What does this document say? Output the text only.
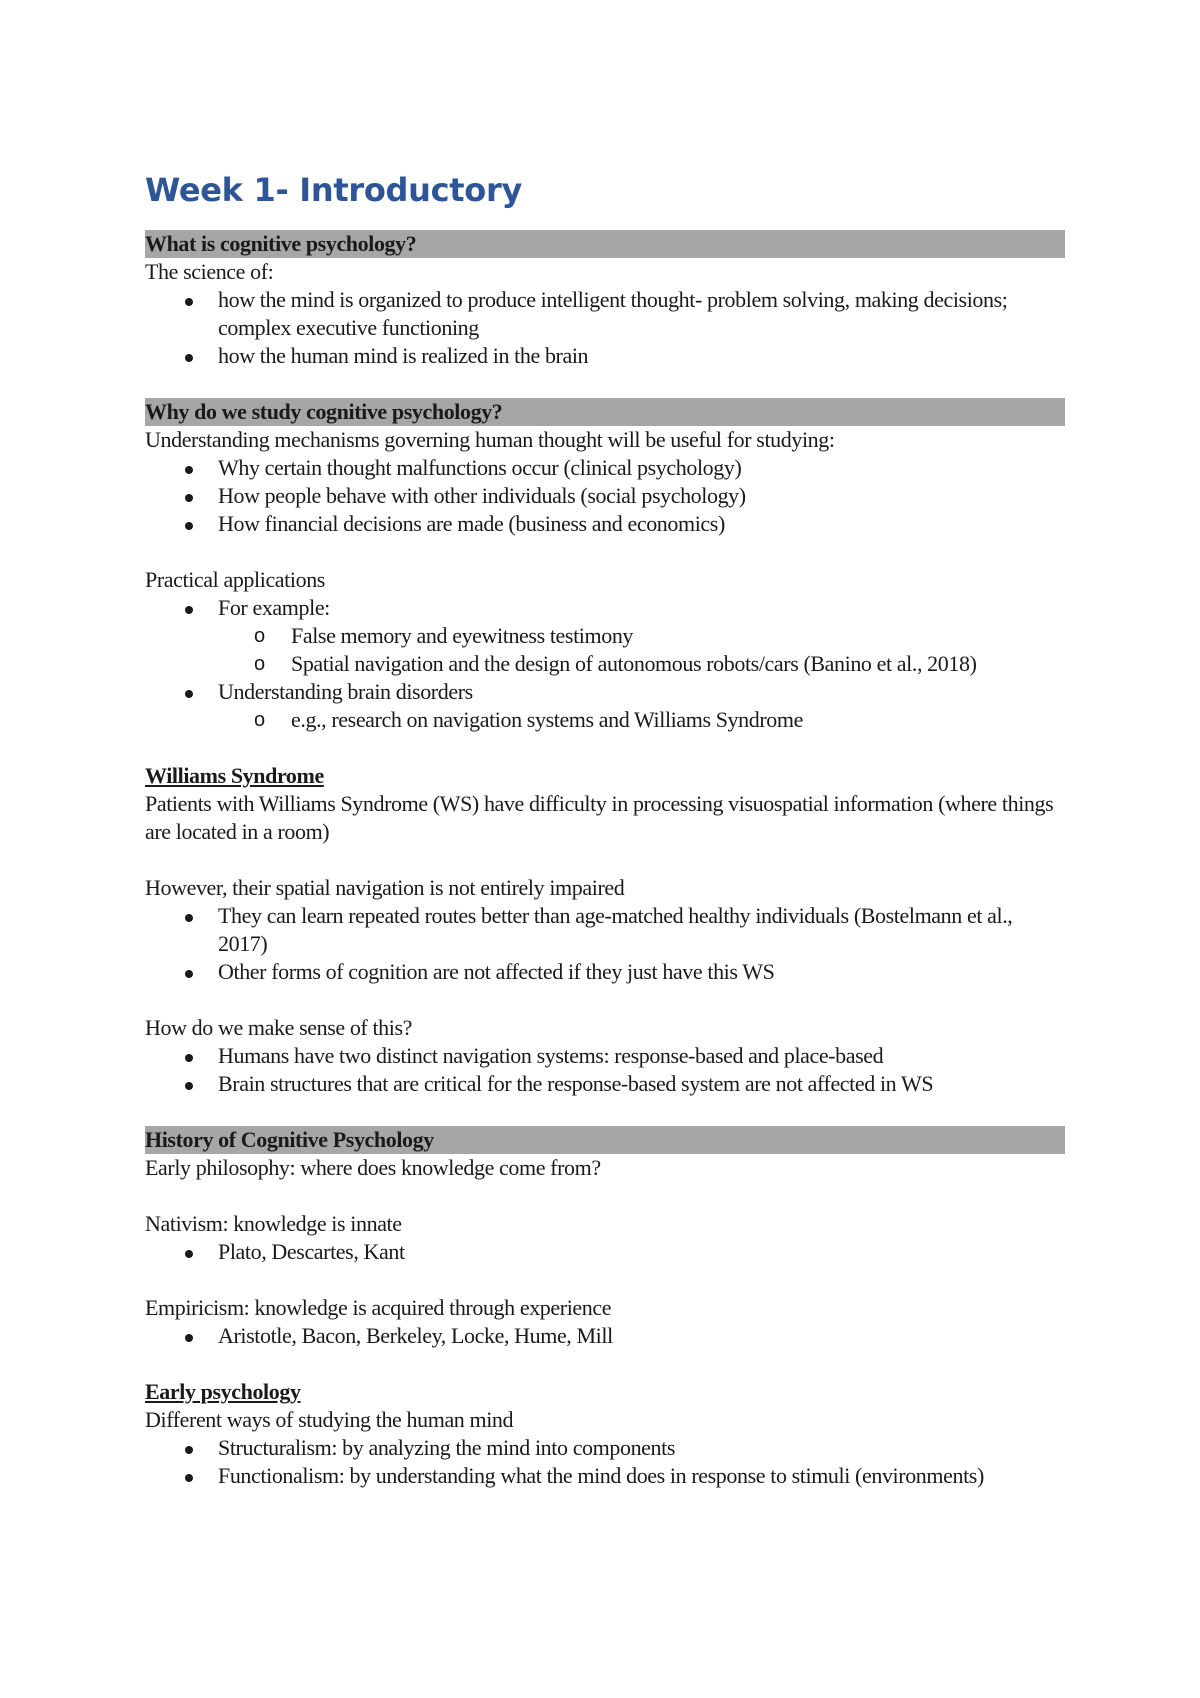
Week 1- Introductory

What is cognitive psychology?

The science of:

how the mind is organized to produce intelligent thought- problem solving, making decisions; complex executive functioning
how the human mind is realized in the brain

Why do we study cognitive psychology?

Understanding mechanisms governing human thought will be useful for studying:

Why certain thought malfunctions occur (clinical psychology)
How people behave with other individuals (social psychology)
How financial decisions are made (business and economics)

Practical applications

For example:
o False memory and eyewitness testimony
o Spatial navigation and the design of autonomous robots/cars (Banino et al., 2018)
Understanding brain disorders
o e.g., research on navigation systems and Williams Syndrome

Williams Syndrome

Patients with Williams Syndrome (WS) have difficulty in processing visuospatial information (where things are located in a room)

However, their spatial navigation is not entirely impaired

They can learn repeated routes better than age-matched healthy individuals (Bostelmann et al., 2017)
Other forms of cognition are not affected if they just have this WS

How do we make sense of this?

Humans have two distinct navigation systems: response-based and place-based
Brain structures that are critical for the response-based system are not affected in WS

History of Cognitive Psychology

Early philosophy: where does knowledge come from?

Nativism: knowledge is innate

Plato, Descartes, Kant

Empiricism: knowledge is acquired through experience

Aristotle, Bacon, Berkeley, Locke, Hume, Mill

Early psychology

Different ways of studying the human mind

Structuralism: by analyzing the mind into components
Functionalism: by understanding what the mind does in response to stimuli (environments)
